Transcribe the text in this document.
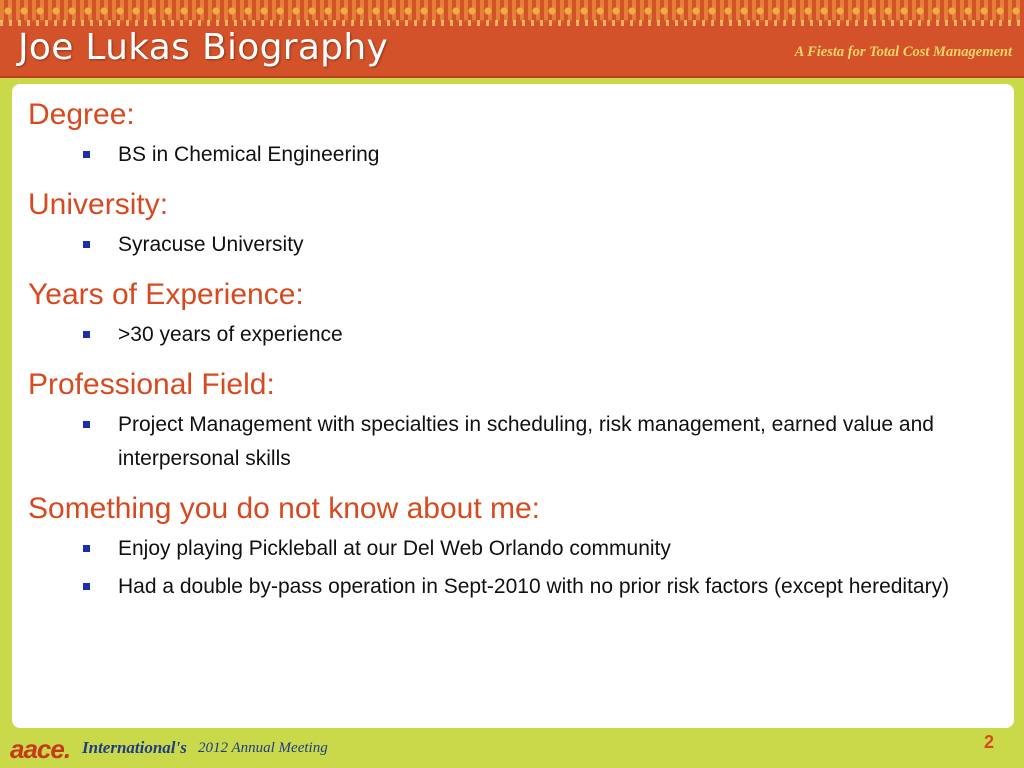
Joe Lukas Biography	A Fiesta for Total Cost Management
Degree:
BS in Chemical Engineering
University:
Syracuse University
Years of Experience:
>30 years of experience
Professional Field:
Project Management with specialties in scheduling, risk management, earned value and interpersonal skills
Something you do not know about me:
Enjoy playing Pickleball at our Del Web Orlando community
Had a double by-pass operation in Sept-2010 with no prior risk factors (except hereditary)
aace. International's 2012 Annual Meeting	2
